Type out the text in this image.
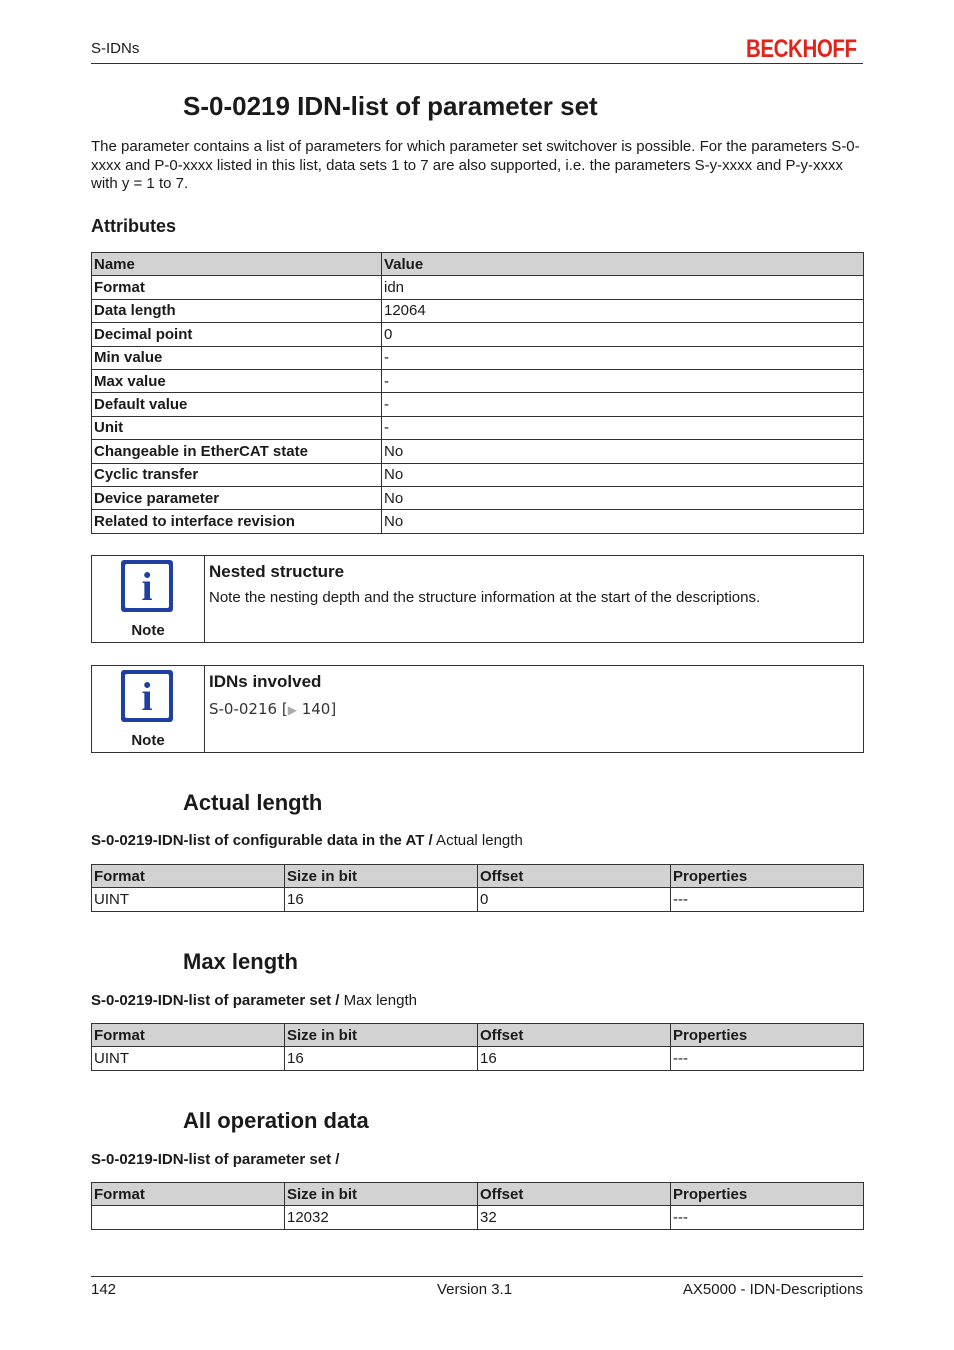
S-IDNs	BECKHOFF
S-0-0219 IDN-list of parameter set
The parameter contains a list of parameters for which parameter set switchover is possible. For the parameters S-0-xxxx and P-0-xxxx listed in this list, data sets 1 to 7 are also supported, i.e. the parameters S-y-xxxx and P-y-xxxx with y = 1 to 7.
Attributes
Name	Value
Format	idn
Data length	12064
Decimal point	0
Min value	-
Max value	-
Default value	-
Unit	-
Changeable in EtherCAT state	No
Cyclic transfer	No
Device parameter	No
Related to interface revision	No
i
Note
Nested structure
Note the nesting depth and the structure information at the start of the descriptions.
i
Note
IDNs involved
S-0-0216 [▶ 140]
Actual length
S-0-0219-IDN-list of configurable data in the AT / Actual length
Format	Size in bit	Offset	Properties
UINT	16	0	---
Max length
S-0-0219-IDN-list of parameter set / Max length
Format	Size in bit	Offset	Properties
UINT	16	16	---
All operation data
S-0-0219-IDN-list of parameter set /
Format	Size in bit	Offset	Properties
	12032	32	---
142	Version 3.1	AX5000 - IDN-Descriptions
